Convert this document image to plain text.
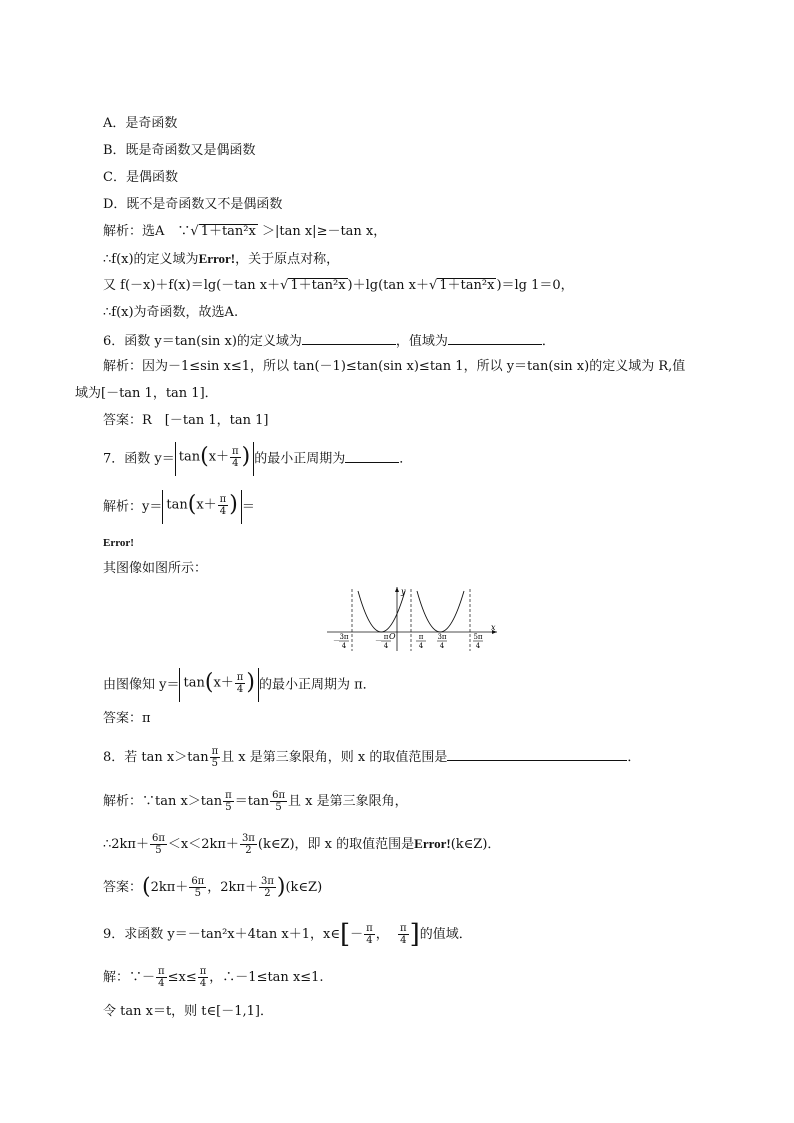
A．是奇函数
B．既是奇函数又是偶函数
C．是偶函数
D．既不是奇函数又不是偶函数
解析：选A　∵√ 1＋tan²x ＞|tan x|≥－tan x，
∴f(x)的定义域为Error!，关于原点对称，
又 f(－x)＋f(x)＝lg(－tan x＋√ 1＋tan²x )＋lg(tan x＋√ 1＋tan²x )＝lg 1＝0，
∴f(x)为奇函数，故选A.
6．函数 y＝tan(sin x)的定义域为	，值域为	．
解析：因为－1≤sin x≤1，所以 tan(－1)≤tan(sin x)≤tan 1，所以 y＝tan(sin x)的定义域为 R,值
域为[－tan 1，tan 1]．
答案：R　[－tan 1，tan 1]
7．函数 $y= \tan(x+ \frac{\pi}{4}$ ) 的最小正周期为	．
解析：$y= \tan(x+ \frac{\pi}{4}$ ) ＝
Error!
其图像如图所示：
y
x
O
－ 3π
4
－ π
4
π
4
3π
4
5π
4
由图像知 $y= \tan(x+ \frac{\pi}{4}$ ) 的最小正周期为 π．
答案：π
8．若 $\tan x>\tan \frac{\pi}{5}$ 且 x 是第三象限角，则 x 的取值范围是	．
解析：∵tan $x>\tan \frac{\pi}{5} =\tan \frac{6\pi}{5}$ 且 x 是第三象限角，
∴2kπ＋ $\frac{6\pi}{5} <x<2k\pi+ \frac{3\pi}{2}$ (k∈Z)，即 x 的取值范围是Error!(k∈Z)．
答案：($2k\pi+ \frac{6\pi}{5}$ ，$2k\pi+ \frac{3\pi}{2}$ )(k∈Z)
9．求函数 y＝－tan²x＋4tan x＋1，x∈[－ $\frac{\pi}{4}$ ， $\frac{\pi}{4}$ ]的值域．
解：∵－ $\frac{\pi}{4} \le x\le \frac{\pi}{4}$ ，∴－1≤tan x≤1.
令 tan x＝t，则 t∈[－1,1]．
